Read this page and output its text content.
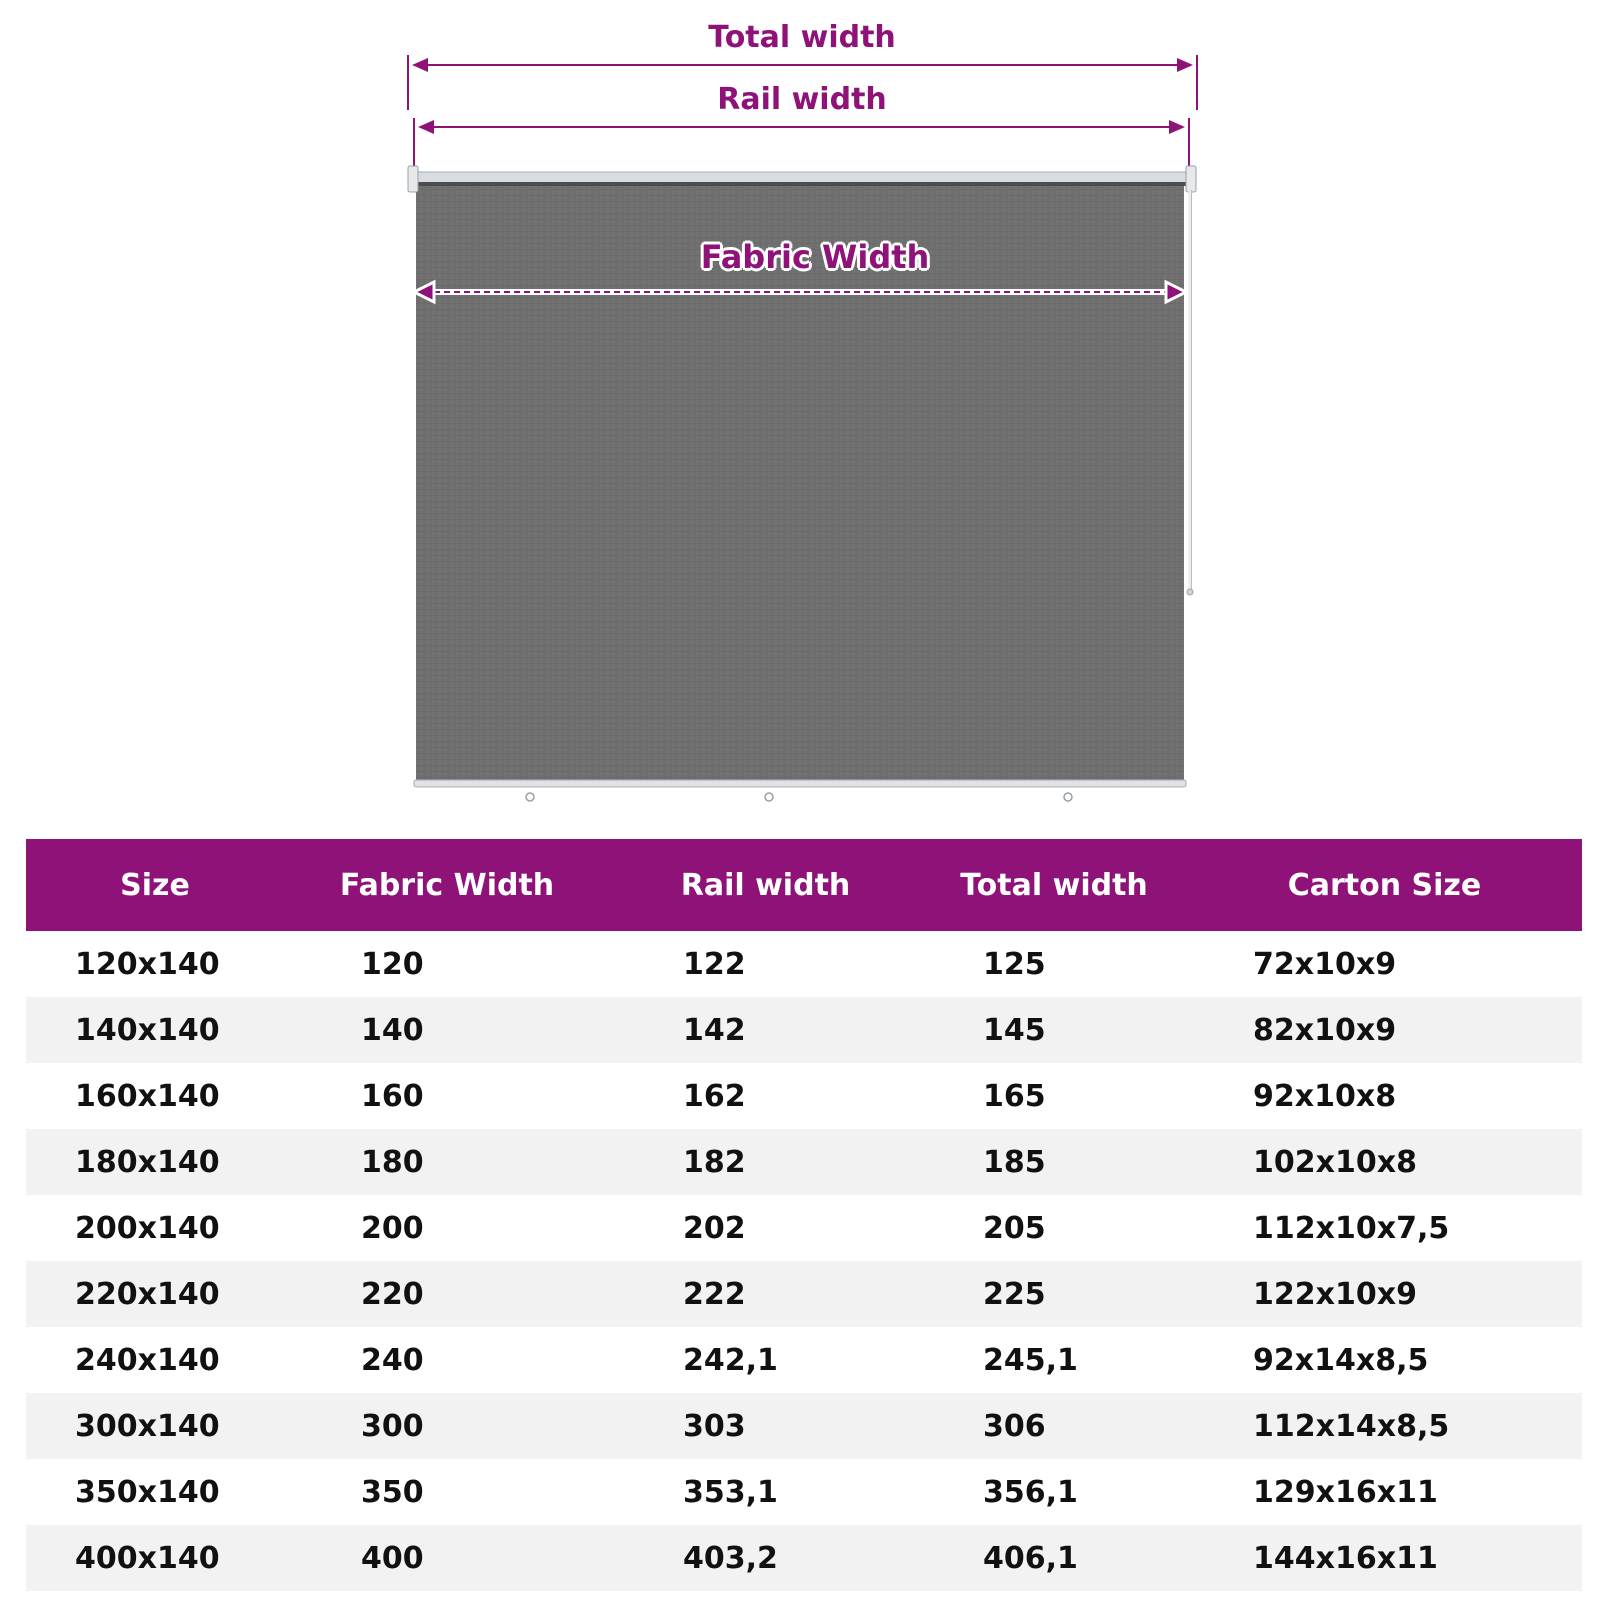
Total width
Rail width
Fabric Width
Size	Fabric Width	Rail width	Total width	Carton Size
120x140	120	122	125	72x10x9
140x140	140	142	145	82x10x9
160x140	160	162	165	92x10x8
180x140	180	182	185	102x10x8
200x140	200	202	205	112x10x7,5
220x140	220	222	225	122x10x9
240x140	240	242,1	245,1	92x14x8,5
300x140	300	303	306	112x14x8,5
350x140	350	353,1	356,1	129x16x11
400x140	400	403,2	406,1	144x16x11
